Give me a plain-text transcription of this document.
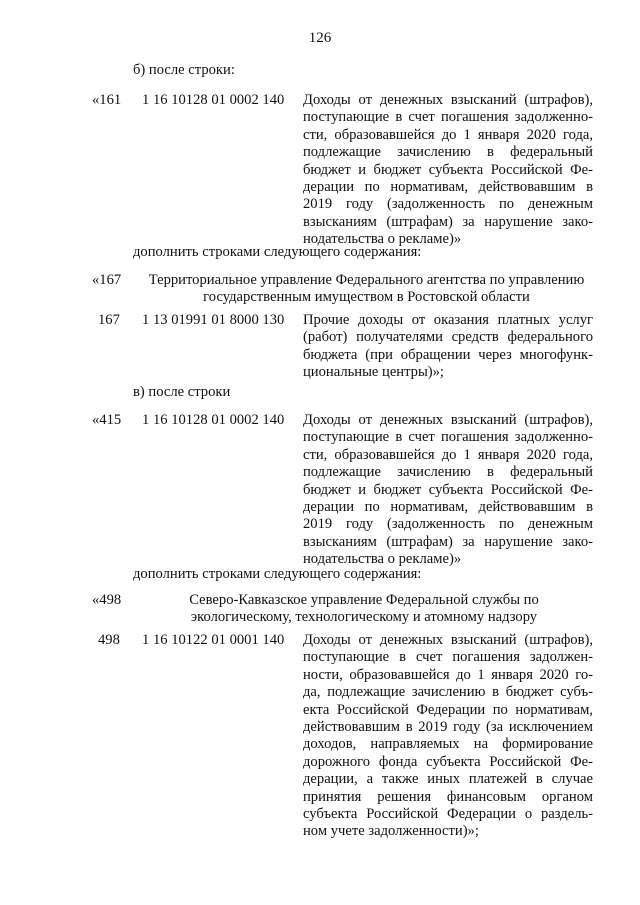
126
б) после строки:
«161 1 16 10128 01 0002 140 Доходы от денежных взысканий (штрафов),
поступающие в счет погашения задолженно-
сти, образовавшейся до 1 января 2020 года,
подлежащие зачислению в федеральный
бюджет и бюджет субъекта Российской Фе-
дерации по нормативам, действовавшим в
2019 году (задолженность по денежным
взысканиям (штрафам) за нарушение зако-
нодательства о рекламе)»
дополнить строками следующего содержания:
«167	Территориальное управление Федерального агентства по управлению
государственным имуществом в Ростовской области
167 1 13 01991 01 8000 130 Прочие доходы от оказания платных услуг
(работ) получателями средств федерального
бюджета (при обращении через многофунк-
циональные центры)»;
в) после строки
«415 1 16 10128 01 0002 140 Доходы от денежных взысканий (штрафов),
поступающие в счет погашения задолженно-
сти, образовавшейся до 1 января 2020 года,
подлежащие зачислению в федеральный
бюджет и бюджет субъекта Российской Фе-
дерации по нормативам, действовавшим в
2019 году (задолженность по денежным
взысканиям (штрафам) за нарушение зако-
нодательства о рекламе)»
дополнить строками следующего содержания:
«498	Северо-Кавказское управление Федеральной службы по
экологическому, технологическому и атомному надзору
498 1 16 10122 01 0001 140 Доходы от денежных взысканий (штрафов),
поступающие в счет погашения задолжен-
ности, образовавшейся до 1 января 2020 го-
да, подлежащие зачислению в бюджет субъ-
екта Российской Федерации по нормативам,
действовавшим в 2019 году (за исключением
доходов, направляемых на формирование
дорожного фонда субъекта Российской Фе-
дерации, а также иных платежей в случае
принятия решения финансовым органом
субъекта Российской Федерации о раздель-
ном учете задолженности)»;
